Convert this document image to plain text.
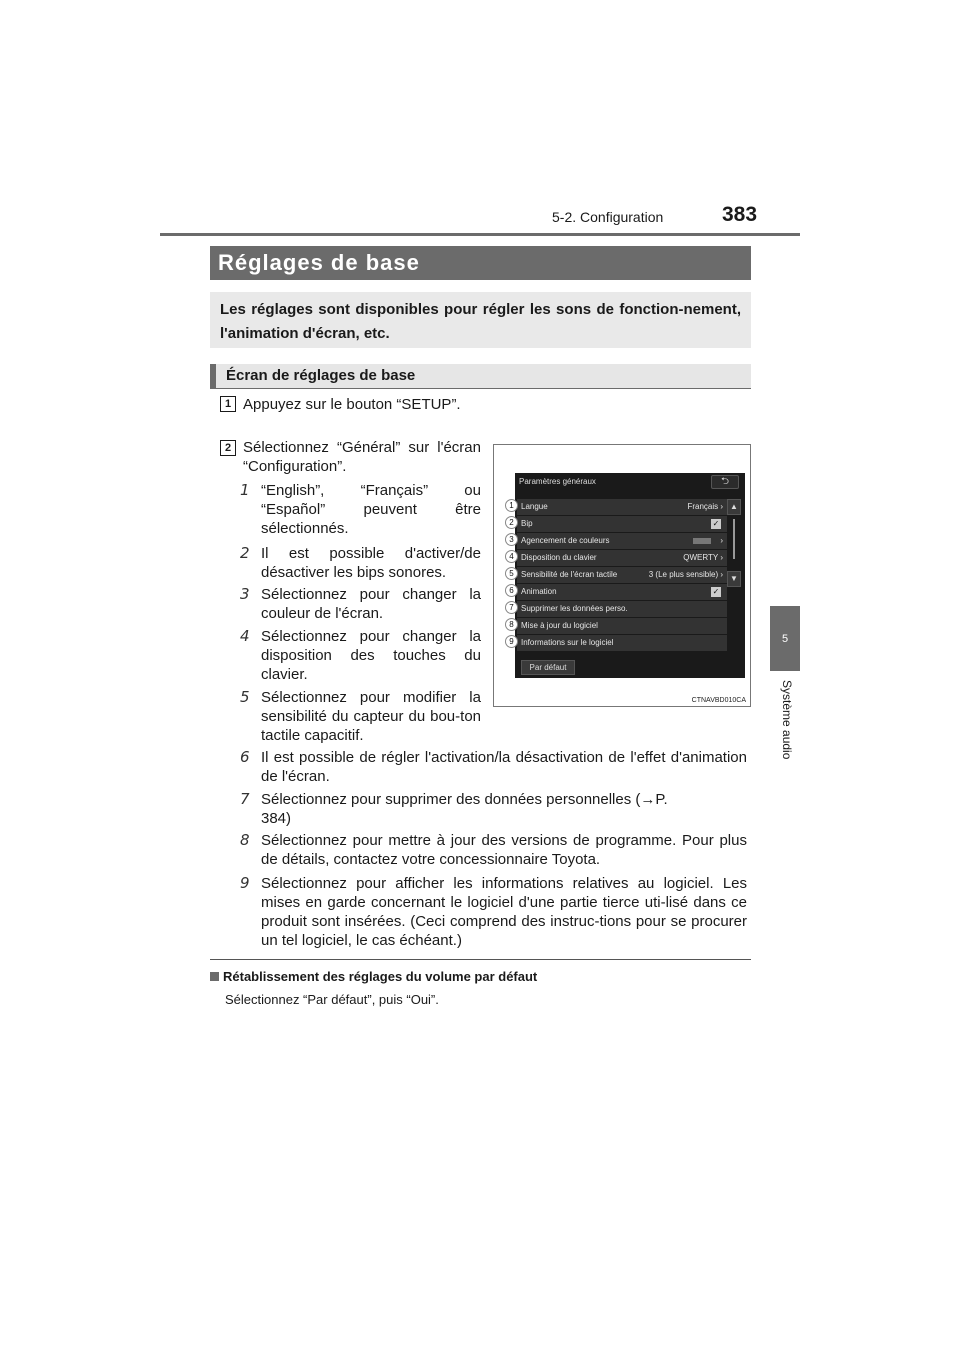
383
5-2. Configuration
5
Système audio
Réglages de base
Les réglages sont disponibles pour régler les sons de fonction-nement, l'animation d'écran, etc.
Écran de réglages de base
1 Appuyez sur le bouton “SETUP”.
2 Sélectionnez “Général” sur l'écran “Configuration”.
1 “English”, “Français” ou “Español” peuvent être sélectionnés.
2 Il est possible d'activer/de désactiver les bips sonores.
3 Sélectionnez pour changer la couleur de l'écran.
4 Sélectionnez pour changer la disposition des touches du clavier.
5 Sélectionnez pour modifier la sensibilité du capteur du bou-ton tactile capacitif.
6 Il est possible de régler l'activation/la désactivation de l'effet d'animation de l'écran.
7 Sélectionnez pour supprimer des données personnelles (→P. 384)
8 Sélectionnez pour mettre à jour des versions de programme. Pour plus de détails, contactez votre concessionnaire Toyota.
9 Sélectionnez pour afficher les informations relatives au logiciel. Les mises en garde concernant le logiciel d'une partie tierce uti-lisé dans ce produit sont insérées. (Ceci comprend des instruc-tions pour se procurer un tel logiciel, le cas échéant.)
Paramètres généraux	⮌
1 Langue	Français ›
2 Bip	✓
3 Agencement de couleurs	›
4 Disposition du clavier	QWERTY ›
5 Sensibilité de l'écran tactile	3 (Le plus sensible) ›
6 Animation	✓
7 Supprimer les données perso.
8 Mise à jour du logiciel
9 Informations sur le logiciel
▲
▼
Par défaut
CTNAVBD010CA
Rétablissement des réglages du volume par défaut
Sélectionnez “Par défaut”, puis “Oui”.
